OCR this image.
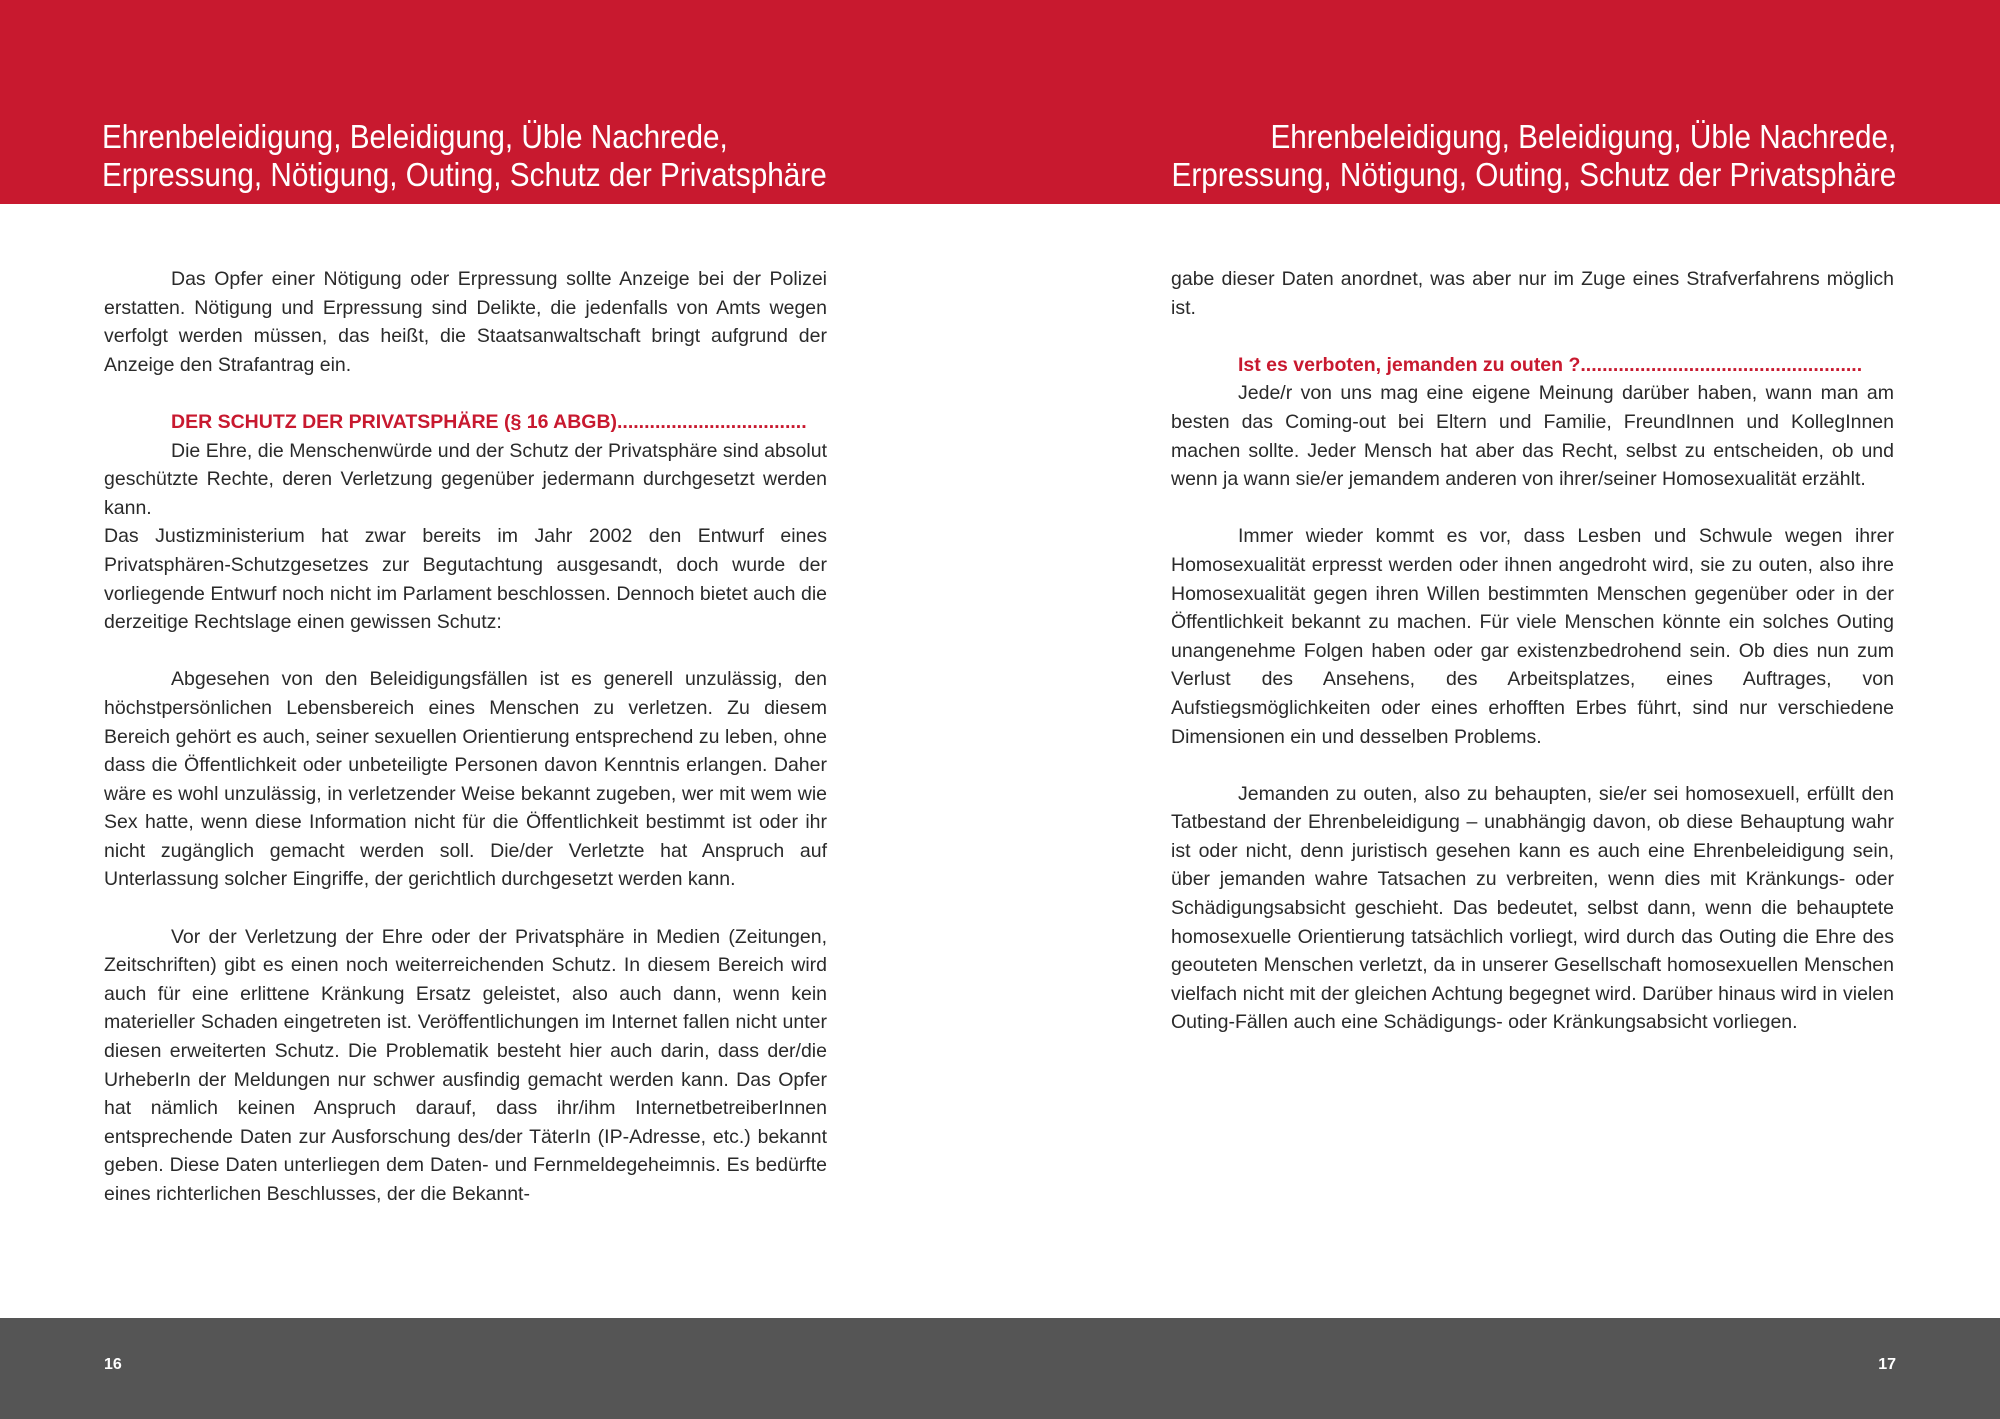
Ehrenbeleidigung, Beleidigung, Üble Nachrede,
Erpressung, Nötigung, Outing, Schutz der Privatsphäre
Ehrenbeleidigung, Beleidigung, Üble Nachrede,
Erpressung, Nötigung, Outing, Schutz der Privatsphäre

Das Opfer einer Nötigung oder Erpressung sollte Anzeige bei der Polizei erstatten. Nötigung und Erpressung sind Delikte, die jedenfalls von Amts wegen verfolgt werden müssen, das heißt, die Staatsanwaltschaft bringt aufgrund der Anzeige den Strafantrag ein.

DER SCHUTZ DER PRIVATSPHÄRE (§ 16 ABGB)...................................

Die Ehre, die Menschenwürde und der Schutz der Privatsphäre sind absolut geschützte Rechte, deren Verletzung gegenüber jedermann durchgesetzt werden kann.

Das Justizministerium hat zwar bereits im Jahr 2002 den Entwurf eines Privatsphären-Schutzgesetzes zur Begutachtung ausgesandt, doch wurde der vorliegende Entwurf noch nicht im Parlament beschlossen. Dennoch bietet auch die derzeitige Rechtslage einen gewissen Schutz:

Abgesehen von den Beleidigungsfällen ist es generell unzulässig, den höchstpersönlichen Lebensbereich eines Menschen zu verletzen. Zu diesem Bereich gehört es auch, seiner sexuellen Orientierung entsprechend zu leben, ohne dass die Öffentlichkeit oder unbeteiligte Personen davon Kenntnis erlangen. Daher wäre es wohl unzulässig, in verletzender Weise bekannt zugeben, wer mit wem wie Sex hatte, wenn diese Information nicht für die Öffentlichkeit bestimmt ist oder ihr nicht zugänglich gemacht werden soll. Die/der Verletzte hat Anspruch auf Unterlassung solcher Eingriffe, der gerichtlich durchgesetzt werden kann.

Vor der Verletzung der Ehre oder der Privatsphäre in Medien (Zeitungen, Zeitschriften) gibt es einen noch weiterreichenden Schutz. In diesem Bereich wird auch für eine erlittene Kränkung Ersatz geleistet, also auch dann, wenn kein materieller Schaden eingetreten ist. Veröffentlichungen im Internet fallen nicht unter diesen erweiterten Schutz. Die Problematik besteht hier auch darin, dass der/die UrheberIn der Meldungen nur schwer ausfindig gemacht werden kann. Das Opfer hat nämlich keinen Anspruch darauf, dass ihr/ihm InternetbetreiberInnen entsprechende Daten zur Ausforschung des/der TäterIn (IP-Adresse, etc.) bekannt geben. Diese Daten unterliegen dem Daten- und Fernmeldegeheimnis. Es bedürfte eines richterlichen Beschlusses, der die Bekannt-

gabe dieser Daten anordnet, was aber nur im Zuge eines Strafverfahrens möglich ist.

Ist es verboten, jemanden zu outen ?....................................................

Jede/r von uns mag eine eigene Meinung darüber haben, wann man am besten das Coming-out bei Eltern und Familie, FreundInnen und KollegInnen machen sollte. Jeder Mensch hat aber das Recht, selbst zu entscheiden, ob und wenn ja wann sie/er jemandem anderen von ihrer/seiner Homosexualität erzählt.

Immer wieder kommt es vor, dass Lesben und Schwule wegen ihrer Homosexualität erpresst werden oder ihnen angedroht wird, sie zu outen, also ihre Homosexualität gegen ihren Willen bestimmten Menschen gegenüber oder in der Öffentlichkeit bekannt zu machen. Für viele Menschen könnte ein solches Outing unangenehme Folgen haben oder gar existenzbedrohend sein. Ob dies nun zum Verlust des Ansehens, des Arbeitsplatzes, eines Auftrages, von Aufstiegsmöglichkeiten oder eines erhofften Erbes führt, sind nur verschiedene Dimensionen ein und desselben Problems.

Jemanden zu outen, also zu behaupten, sie/er sei homosexuell, erfüllt den Tatbestand der Ehrenbeleidigung – unabhängig davon, ob diese Behauptung wahr ist oder nicht, denn juristisch gesehen kann es auch eine Ehrenbeleidigung sein, über jemanden wahre Tatsachen zu verbreiten, wenn dies mit Kränkungs- oder Schädigungsabsicht geschieht. Das bedeutet, selbst dann, wenn die behauptete homosexuelle Orientierung tatsächlich vorliegt, wird durch das Outing die Ehre des geouteten Menschen verletzt, da in unserer Gesellschaft homosexuellen Menschen vielfach nicht mit der gleichen Achtung begegnet wird. Darüber hinaus wird in vielen Outing-Fällen auch eine Schädigungs- oder Kränkungsabsicht vorliegen.

16	17
